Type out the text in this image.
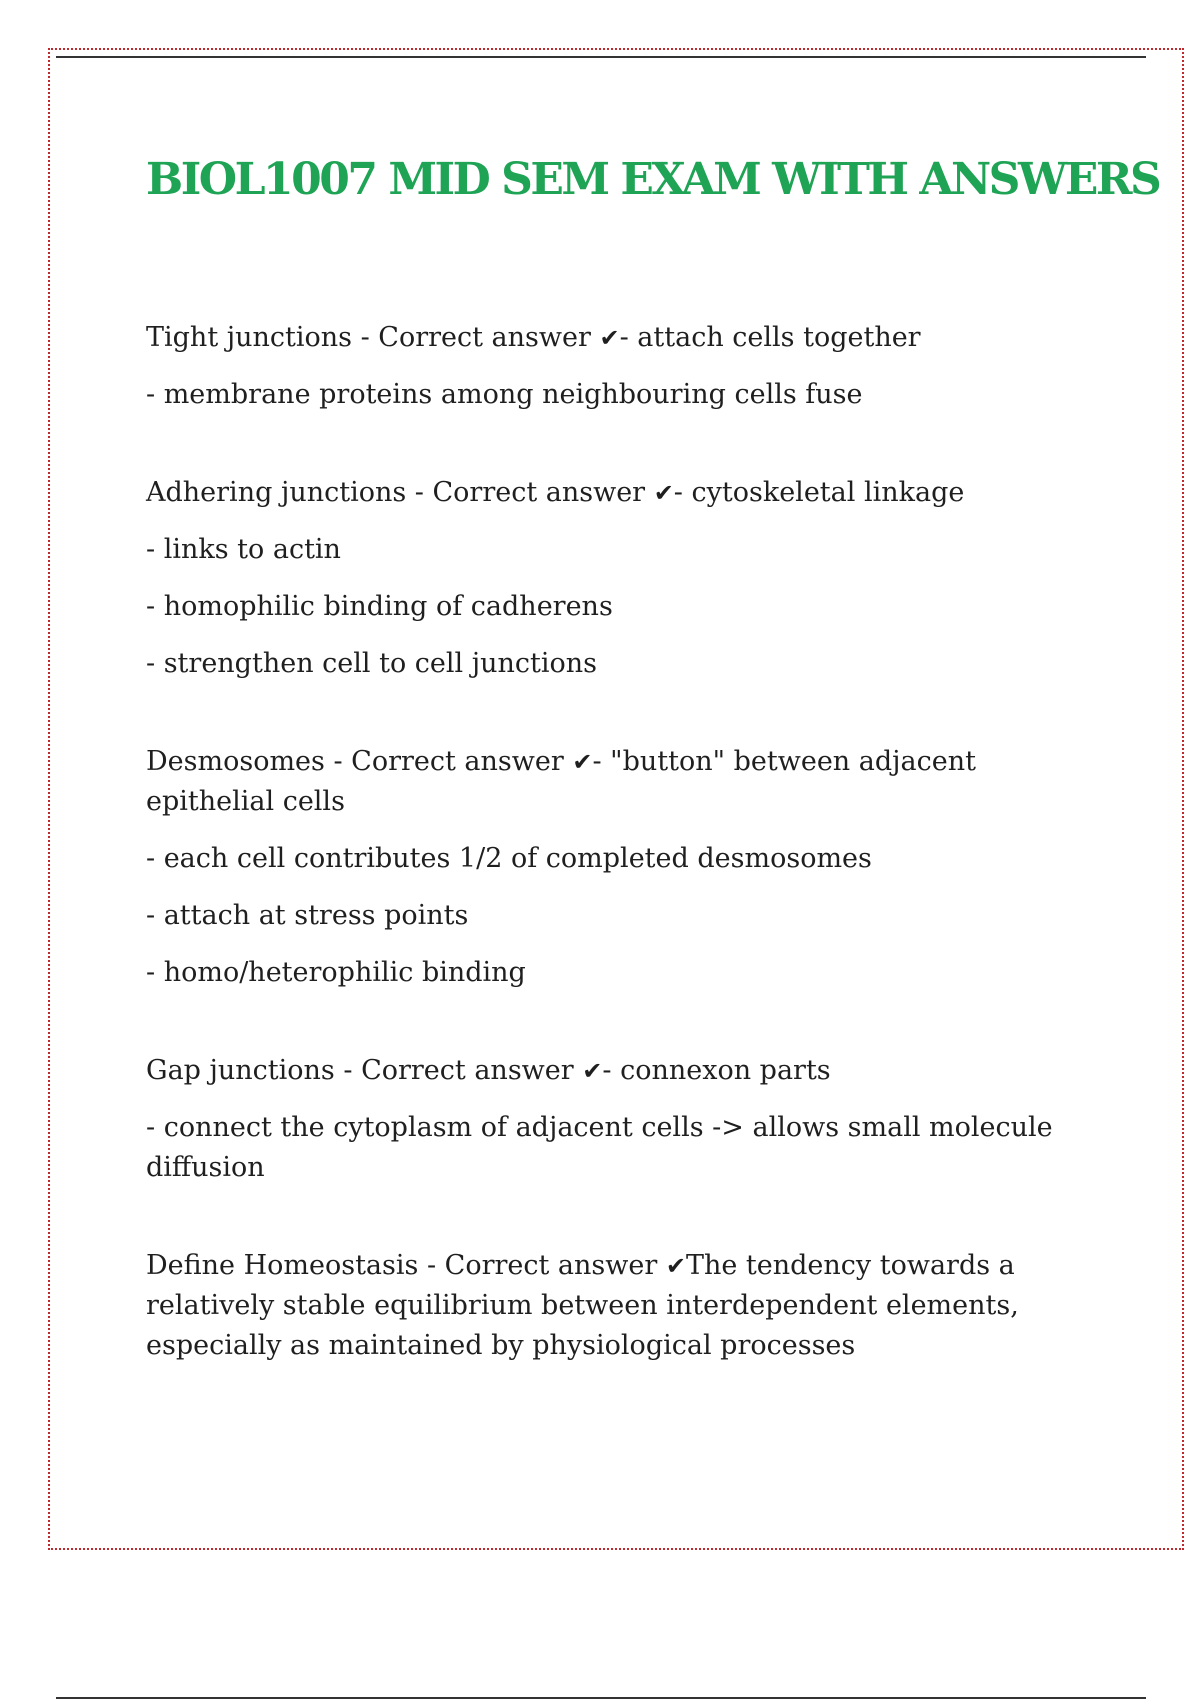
BIOL1007 MID SEM EXAM WITH ANSWERS

Tight junctions - Correct answer ✔- attach cells together

- membrane proteins among neighbouring cells fuse

Adhering junctions - Correct answer ✔- cytoskeletal linkage

- links to actin

- homophilic binding of cadherens

- strengthen cell to cell junctions

Desmosomes - Correct answer ✔- "button" between adjacent epithelial cells

- each cell contributes 1/2 of completed desmosomes

- attach at stress points

- homo/heterophilic binding

Gap junctions - Correct answer ✔- connexon parts

- connect the cytoplasm of adjacent cells -> allows small molecule diffusion

Define Homeostasis - Correct answer ✔The tendency towards a relatively stable equilibrium between interdependent elements, especially as maintained by physiological processes
